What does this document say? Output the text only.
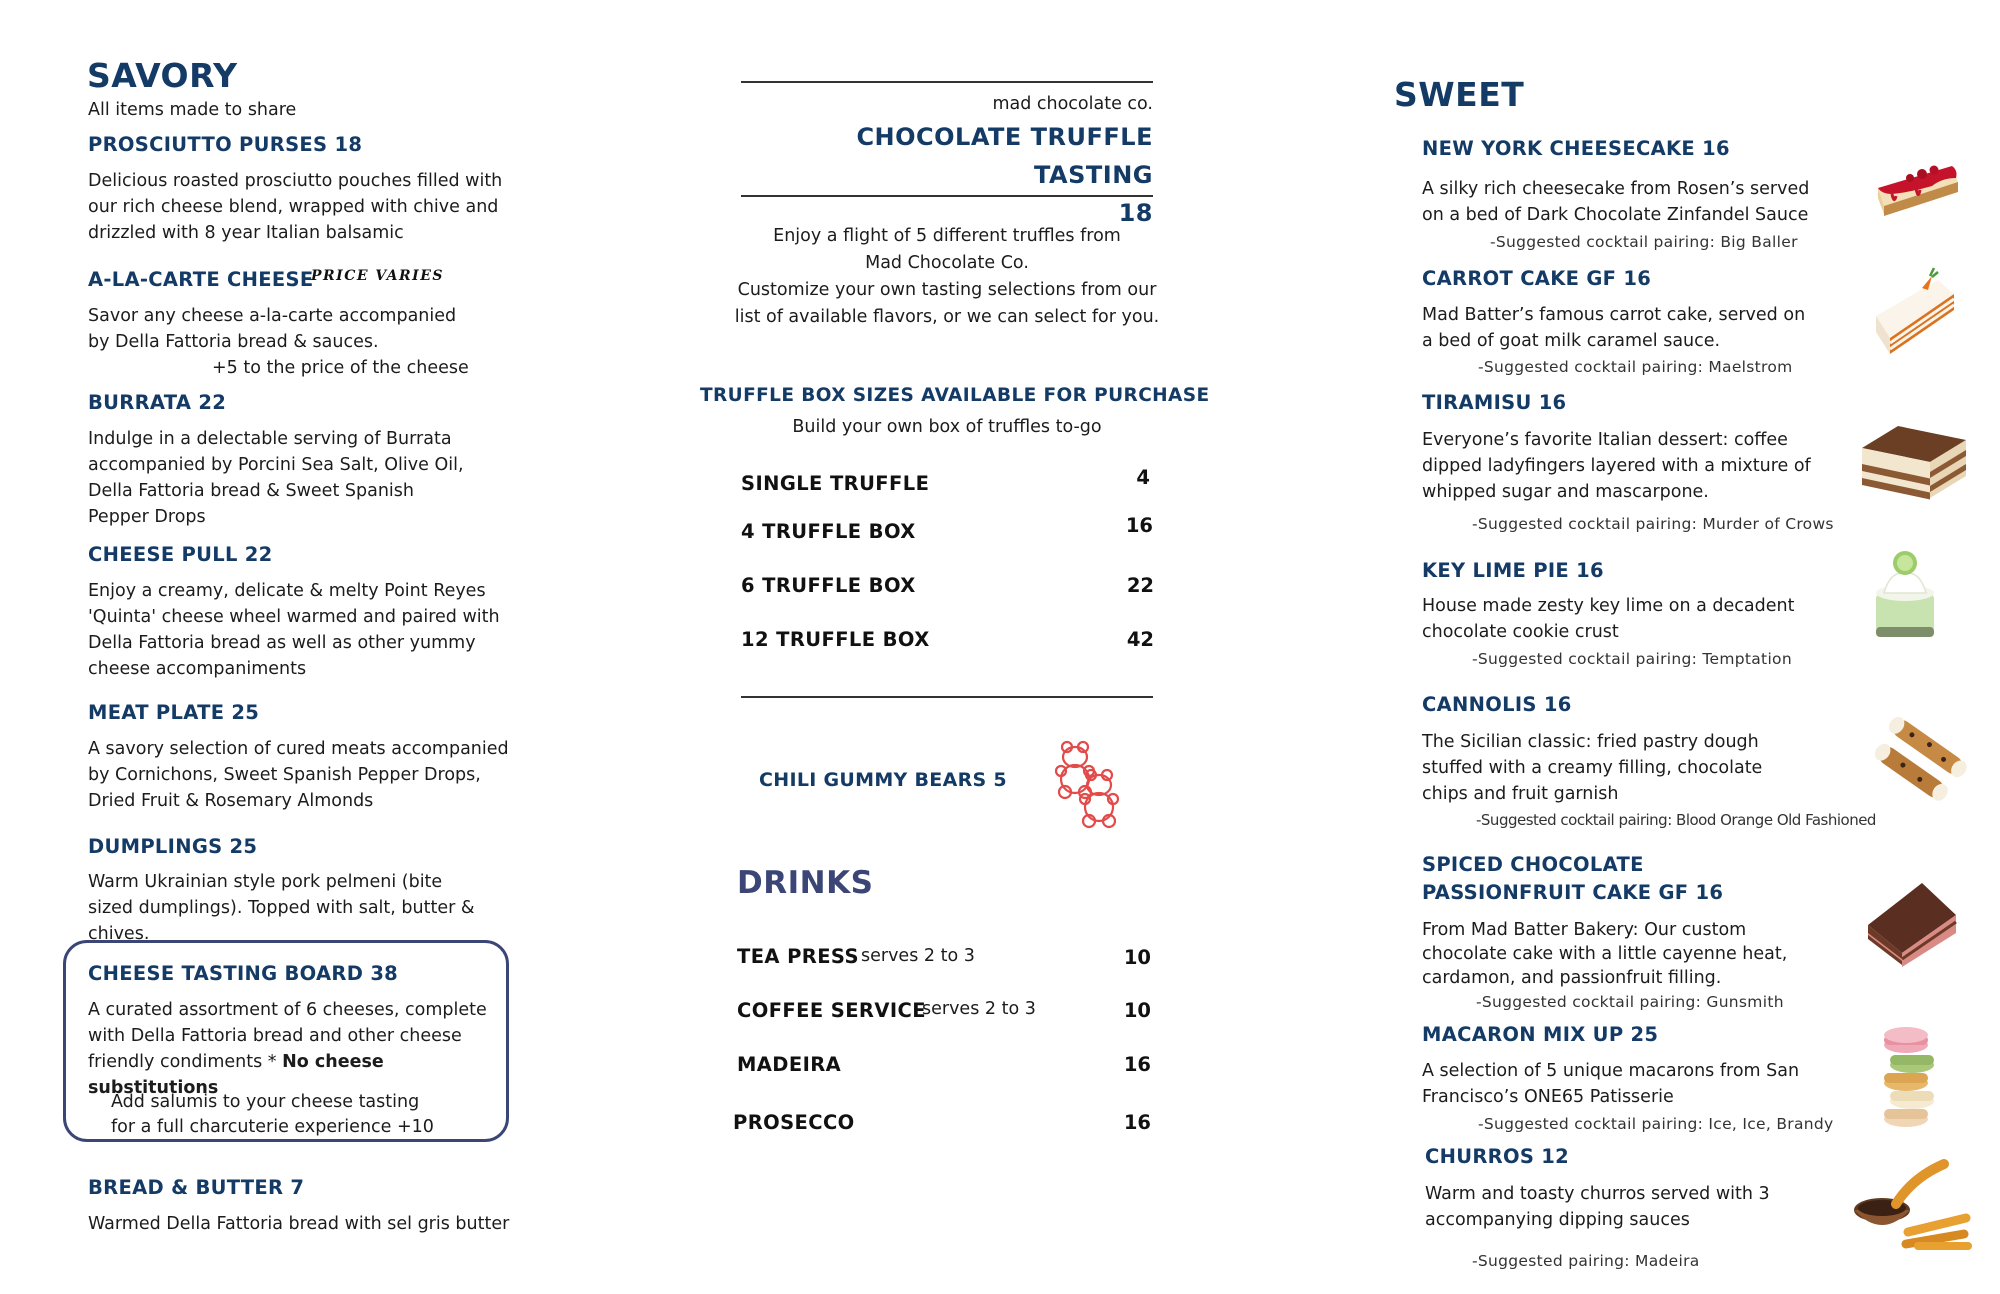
SAVORY
All items made to share
PROSCIUTTO PURSES 18
Delicious roasted prosciutto pouches filled with our rich cheese blend, wrapped with chive and drizzled with 8 year Italian balsamic
A-LA-CARTE CHEESE
PRICE VARIES
Savor any cheese a-la-carte accompanied by Della Fattoria bread & sauces.
+5 to the price of the cheese
BURRATA 22
Indulge in a delectable serving of Burrata accompanied by Porcini Sea Salt, Olive Oil, Della Fattoria bread & Sweet Spanish Pepper Drops
CHEESE PULL 22
Enjoy a creamy, delicate & melty Point Reyes 'Quinta' cheese wheel warmed and paired with Della Fattoria bread as well as other yummy cheese accompaniments
MEAT PLATE 25
A savory selection of cured meats accompanied by Cornichons, Sweet Spanish Pepper Drops, Dried Fruit & Rosemary Almonds
DUMPLINGS 25
Warm Ukrainian style pork pelmeni (bite sized dumplings). Topped with salt, butter & chives.
CHEESE TASTING BOARD 38
A curated assortment of 6 cheeses, complete with Della Fattoria bread and other cheese friendly condiments * No cheese substitutions
Add salumis to your cheese tasting
for a full charcuterie experience +10
BREAD & BUTTER 7
Warmed Della Fattoria bread with sel gris butter
mad chocolate co.
CHOCOLATE TRUFFLE TASTING
18
Enjoy a flight of 5 different truffles from
Mad Chocolate Co.
Customize your own tasting selections from our
list of available flavors, or we can select for you.
TRUFFLE BOX SIZES AVAILABLE FOR PURCHASE
Build your own box of truffles to-go
SINGLE TRUFFLE	4
4 TRUFFLE BOX	16
6 TRUFFLE BOX	22
12 TRUFFLE BOX	42
CHILI GUMMY BEARS 5
DRINKS
TEA PRESS serves 2 to 3	10
COFFEE SERVICE
serves 2 to 3	10
MADEIRA	16
PROSECCO	16
SWEET
NEW YORK CHEESECAKE 16
A silky rich cheesecake from Rosen’s served on a bed of Dark Chocolate Zinfandel Sauce
-Suggested cocktail pairing: Big Baller
CARROT CAKE GF 16
Mad Batter’s famous carrot cake, served on a bed of goat milk caramel sauce.
-Suggested cocktail pairing: Maelstrom
TIRAMISU 16
Everyone’s favorite Italian dessert: coffee dipped ladyfingers layered with a mixture of whipped sugar and mascarpone.
-Suggested cocktail pairing: Murder of Crows
KEY LIME PIE 16
House made zesty key lime on a decadent chocolate cookie crust
-Suggested cocktail pairing: Temptation
CANNOLIS 16
The Sicilian classic: fried pastry dough stuffed with a creamy filling, chocolate chips and fruit garnish
-Suggested cocktail pairing: Blood Orange Old Fashioned
SPICED CHOCOLATE
PASSIONFRUIT CAKE GF 16
From Mad Batter Bakery: Our custom chocolate cake with a little cayenne heat, cardamon, and passionfruit filling.
-Suggested cocktail pairing: Gunsmith
MACARON MIX UP 25
A selection of 5 unique macarons from San Francisco’s ONE65 Patisserie
-Suggested cocktail pairing: Ice, Ice, Brandy
CHURROS 12
Warm and toasty churros served with 3 accompanying dipping sauces
-Suggested pairing: Madeira
